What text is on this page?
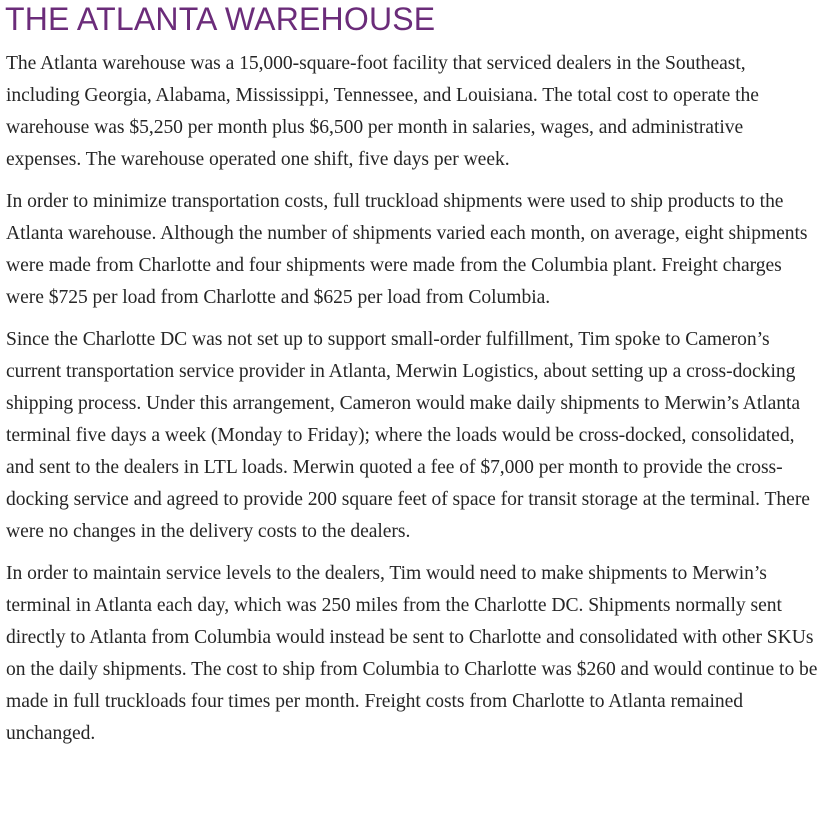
THE ATLANTA WAREHOUSE

The Atlanta warehouse was a 15,000-square-foot facility that serviced dealers in the Southeast, including Georgia, Alabama, Mississippi, Tennessee, and Louisiana. The total cost to operate the warehouse was $5,250 per month plus $6,500 per month in salaries, wages, and administrative expenses. The warehouse operated one shift, five days per week.

In order to minimize transportation costs, full truckload shipments were used to ship products to the Atlanta warehouse. Although the number of shipments varied each month, on average, eight shipments were made from Charlotte and four shipments were made from the Columbia plant. Freight charges were $725 per load from Charlotte and $625 per load from Columbia.

Since the Charlotte DC was not set up to support small-order fulfillment, Tim spoke to Cameron’s current transportation service provider in Atlanta, Merwin Logistics, about setting up a cross-docking shipping process. Under this arrangement, Cameron would make daily shipments to Merwin’s Atlanta terminal five days a week (Monday to Friday); where the loads would be cross-docked, consolidated, and sent to the dealers in LTL loads. Merwin quoted a fee of $7,000 per month to provide the cross-docking service and agreed to provide 200 square feet of space for transit storage at the terminal. There were no changes in the delivery costs to the dealers.

In order to maintain service levels to the dealers, Tim would need to make shipments to Merwin’s terminal in Atlanta each day, which was 250 miles from the Charlotte DC. Shipments normally sent directly to Atlanta from Columbia would instead be sent to Charlotte and consolidated with other SKUs on the daily shipments. The cost to ship from Columbia to Charlotte was $260 and would continue to be made in full truckloads four times per month. Freight costs from Charlotte to Atlanta remained unchanged.
